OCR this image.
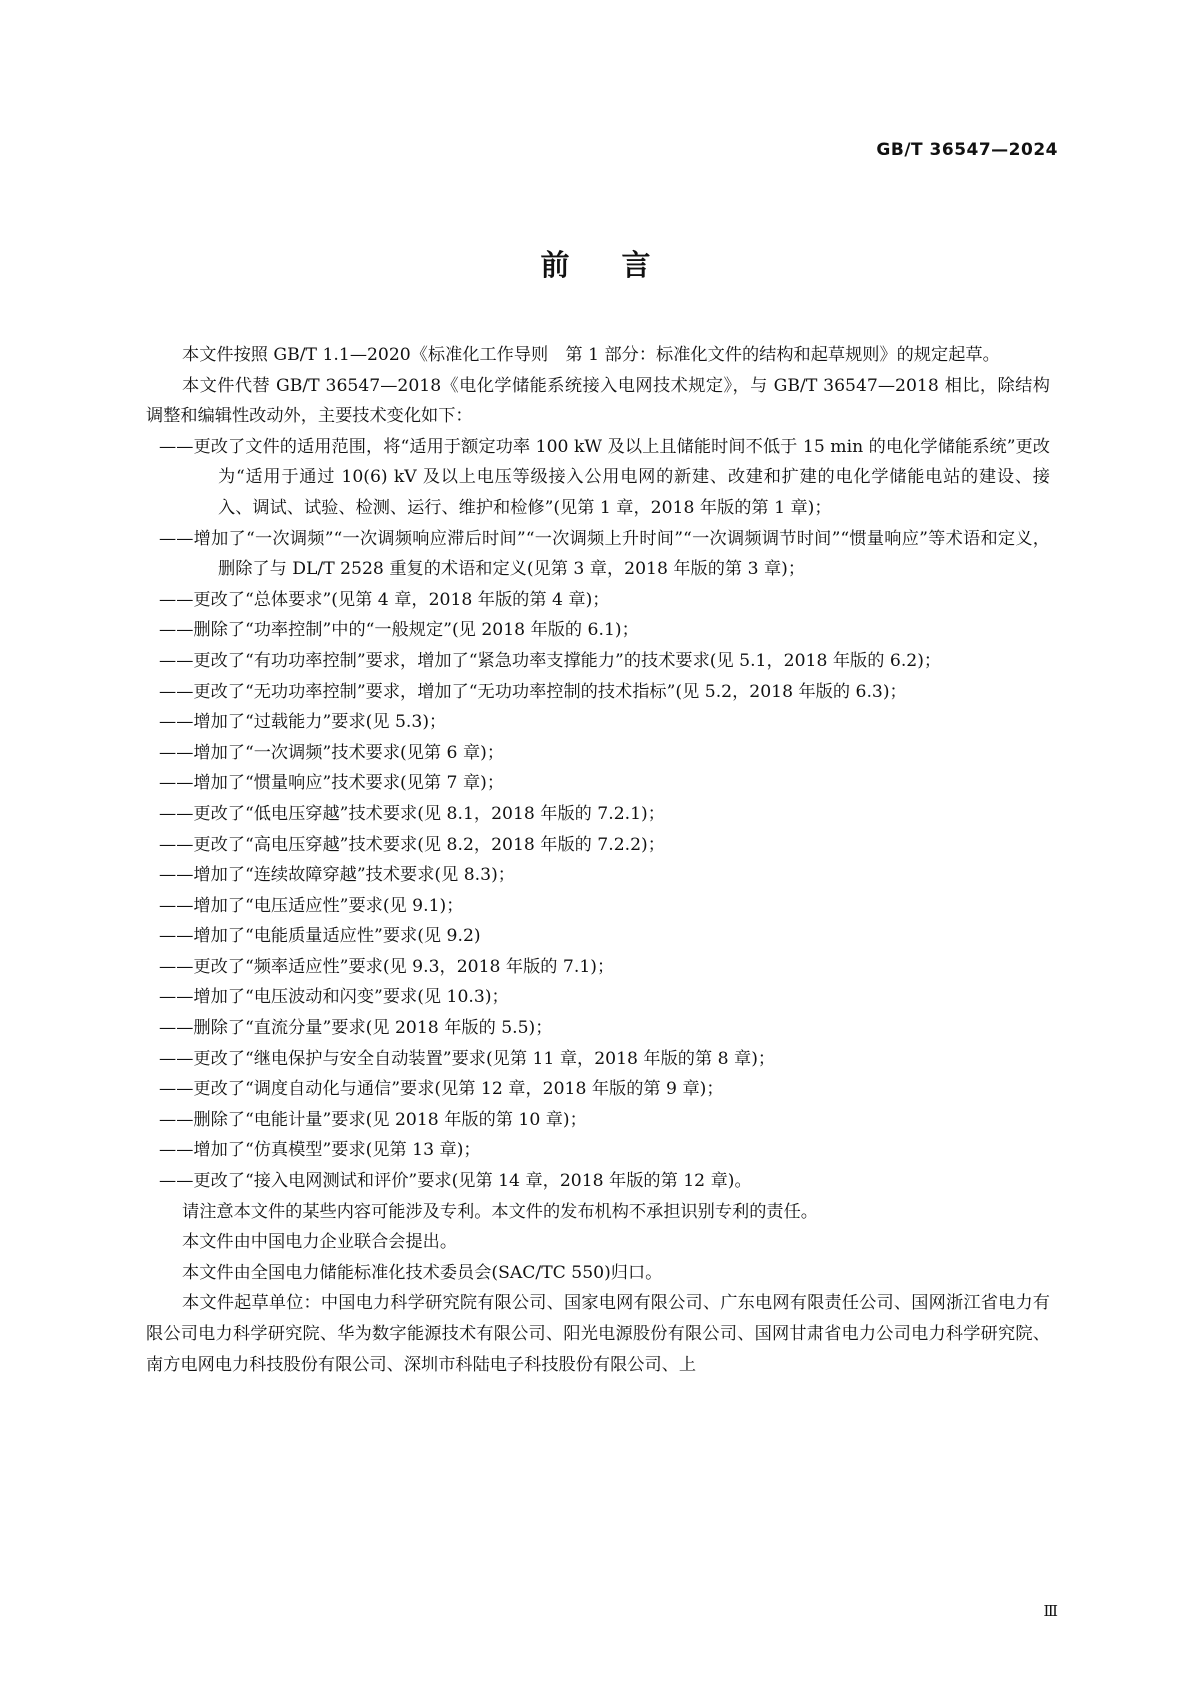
GB/T 36547—2024
前言

本文件按照 GB/T 1.1—2020《标准化工作导则　第 1 部分：标准化文件的结构和起草规则》的规定起草。

本文件代替 GB/T 36547—2018《电化学储能系统接入电网技术规定》，与 GB/T 36547—2018 相比，除结构调整和编辑性改动外，主要技术变化如下：

——更改了文件的适用范围，将“适用于额定功率 100 kW 及以上且储能时间不低于 15 min 的电化学储能系统”更改为“适用于通过 10(6) kV 及以上电压等级接入公用电网的新建、改建和扩建的电化学储能电站的建设、接入、调试、试验、检测、运行、维护和检修”(见第 1 章，2018 年版的第 1 章)；
——增加了“一次调频”“一次调频响应滞后时间”“一次调频上升时间”“一次调频调节时间”“惯量响应”等术语和定义，删除了与 DL/T 2528 重复的术语和定义(见第 3 章，2018 年版的第 3 章)；
——更改了“总体要求”(见第 4 章，2018 年版的第 4 章)；
——删除了“功率控制”中的“一般规定”(见 2018 年版的 6.1)；
——更改了“有功功率控制”要求，增加了“紧急功率支撑能力”的技术要求(见 5.1，2018 年版的 6.2)；
——更改了“无功功率控制”要求，增加了“无功功率控制的技术指标”(见 5.2，2018 年版的 6.3)；
——增加了“过载能力”要求(见 5.3)；
——增加了“一次调频”技术要求(见第 6 章)；
——增加了“惯量响应”技术要求(见第 7 章)；
——更改了“低电压穿越”技术要求(见 8.1，2018 年版的 7.2.1)；
——更改了“高电压穿越”技术要求(见 8.2，2018 年版的 7.2.2)；
——增加了“连续故障穿越”技术要求(见 8.3)；
——增加了“电压适应性”要求(见 9.1)；
——增加了“电能质量适应性”要求(见 9.2)
——更改了“频率适应性”要求(见 9.3，2018 年版的 7.1)；
——增加了“电压波动和闪变”要求(见 10.3)；
——删除了“直流分量”要求(见 2018 年版的 5.5)；
——更改了“继电保护与安全自动装置”要求(见第 11 章，2018 年版的第 8 章)；
——更改了“调度自动化与通信”要求(见第 12 章，2018 年版的第 9 章)；
——删除了“电能计量”要求(见 2018 年版的第 10 章)；
——增加了“仿真模型”要求(见第 13 章)；
——更改了“接入电网测试和评价”要求(见第 14 章，2018 年版的第 12 章)。

请注意本文件的某些内容可能涉及专利。本文件的发布机构不承担识别专利的责任。

本文件由中国电力企业联合会提出。

本文件由全国电力储能标准化技术委员会(SAC/TC 550)归口。

本文件起草单位：中国电力科学研究院有限公司、国家电网有限公司、广东电网有限责任公司、国网浙江省电力有限公司电力科学研究院、华为数字能源技术有限公司、阳光电源股份有限公司、国网甘肃省电力公司电力科学研究院、南方电网电力科技股份有限公司、深圳市科陆电子科技股份有限公司、上

Ⅲ
